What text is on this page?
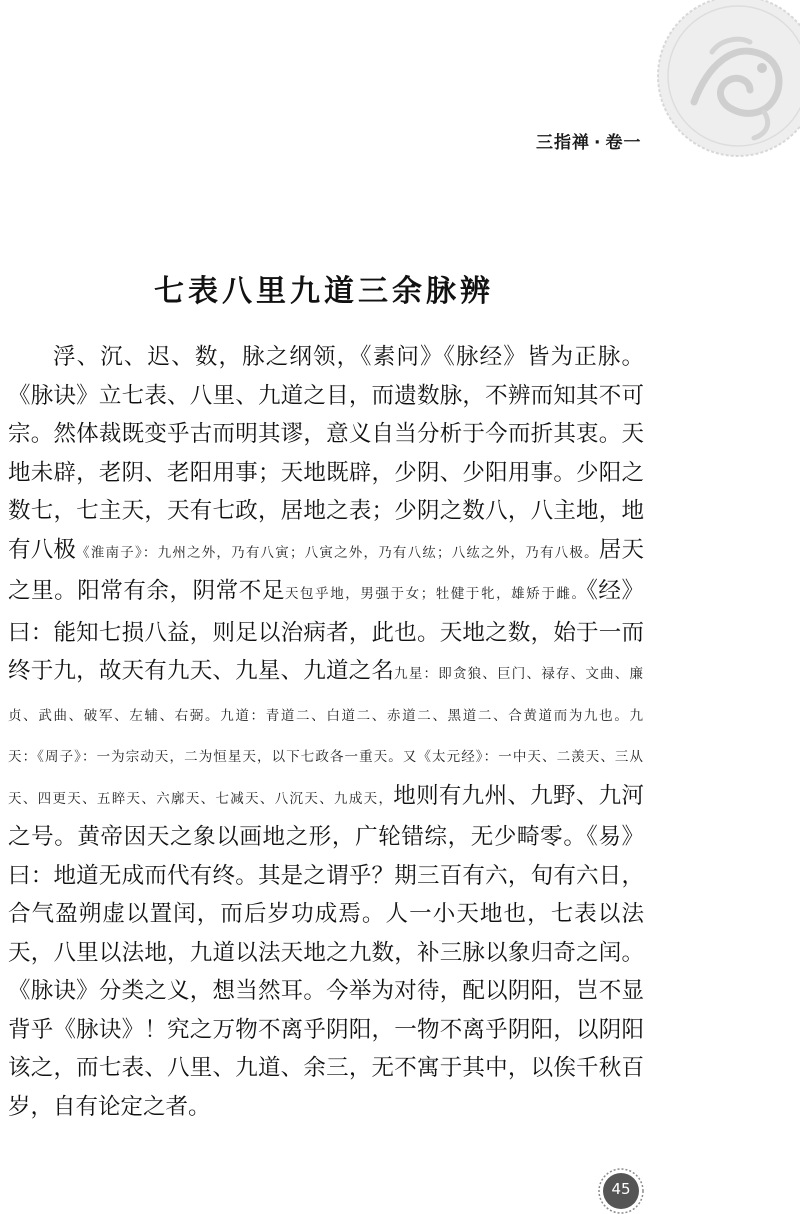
三指禅 · 卷一
七表八里九道三余脉辨

浮、沉、迟、数，脉之纲领，《素问》《脉经》皆为正脉。《脉诀》立七表、八里、九道之目，而遗数脉，不辨而知其不可宗。然体裁既变乎古而明其谬，意义自当分析于今而折其衷。天地未辟，老阴、老阳用事；天地既辟，少阴、少阳用事。少阳之数七，七主天，天有七政，居地之表；少阴之数八，八主地，地有八极《淮南子》：九州之外，乃有八寅；八寅之外，乃有八纮；八纮之外，乃有八极。居天之里。阳常有余，阴常不足天包乎地，男强于女；牡健于牝，雄矫于雌。《经》曰：能知七损八益，则足以治病者，此也。天地之数，始于一而终于九，故天有九天、九星、九道之名九星：即贪狼、巨门、禄存、文曲、廉贞、武曲、破军、左辅、右弼。九道：青道二、白道二、赤道二、黑道二、合黄道而为九也。九天：《周子》：一为宗动天，二为恒星天，以下七政各一重天。又《太元经》：一中天、二羡天、三从天、四更天、五睟天、六廓天、七减天、八沉天、九成天，地则有九州、九野、九河之号。黄帝因天之象以画地之形，广轮错综，无少畸零。《易》曰：地道无成而代有终。其是之谓乎？期三百有六，旬有六日，合气盈朔虚以置闰，而后岁功成焉。人一小天地也，七表以法天，八里以法地，九道以法天地之九数，补三脉以象归奇之闰。《脉诀》分类之义，想当然耳。今举为对待，配以阴阳，岂不显背乎《脉诀》！究之万物不离乎阴阳，一物不离乎阴阳，以阴阳该之，而七表、八里、九道、余三，无不寓于其中，以俟千秋百岁，自有论定之者。

45
